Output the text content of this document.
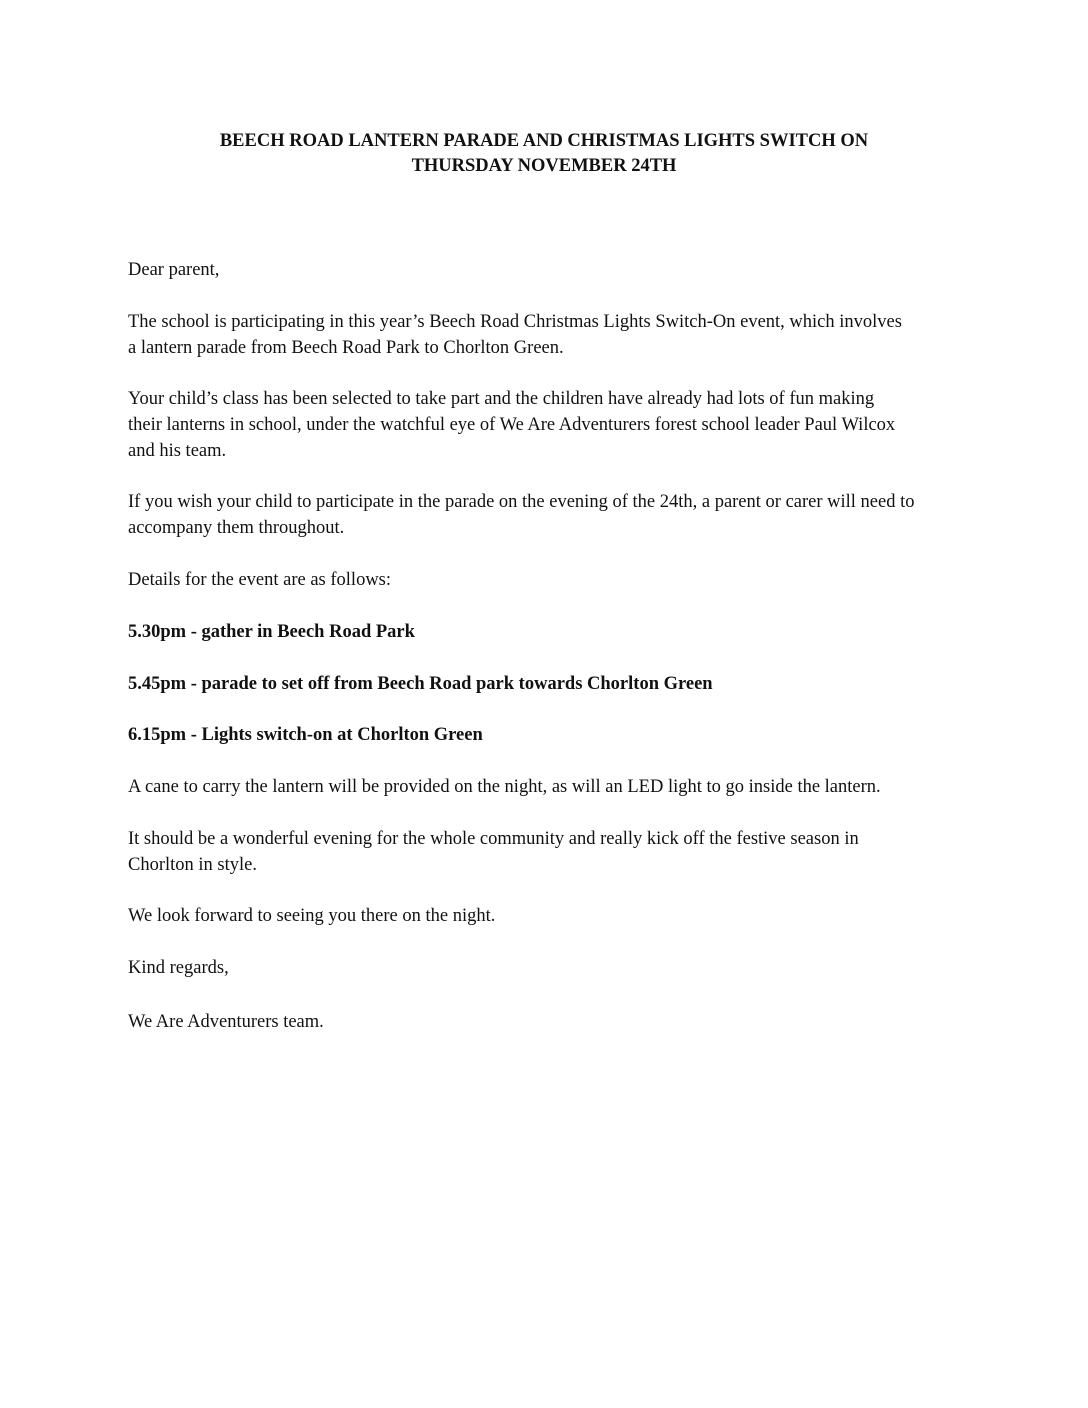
BEECH ROAD LANTERN PARADE AND CHRISTMAS LIGHTS SWITCH ON
THURSDAY NOVEMBER 24TH

Dear parent,

The school is participating in this year’s Beech Road Christmas Lights Switch-On event, which involves
a lantern parade from Beech Road Park to Chorlton Green.

Your child’s class has been selected to take part and the children have already had lots of fun making
their lanterns in school, under the watchful eye of We Are Adventurers forest school leader Paul Wilcox
and his team.

If you wish your child to participate in the parade on the evening of the 24th, a parent or carer will need to
accompany them throughout.

Details for the event are as follows:

5.30pm - gather in Beech Road Park

5.45pm - parade to set off from Beech Road park towards Chorlton Green

6.15pm - Lights switch-on at Chorlton Green

A cane to carry the lantern will be provided on the night, as will an LED light to go inside the lantern.

It should be a wonderful evening for the whole community and really kick off the festive season in
Chorlton in style.

We look forward to seeing you there on the night.

Kind regards,

We Are Adventurers team.
